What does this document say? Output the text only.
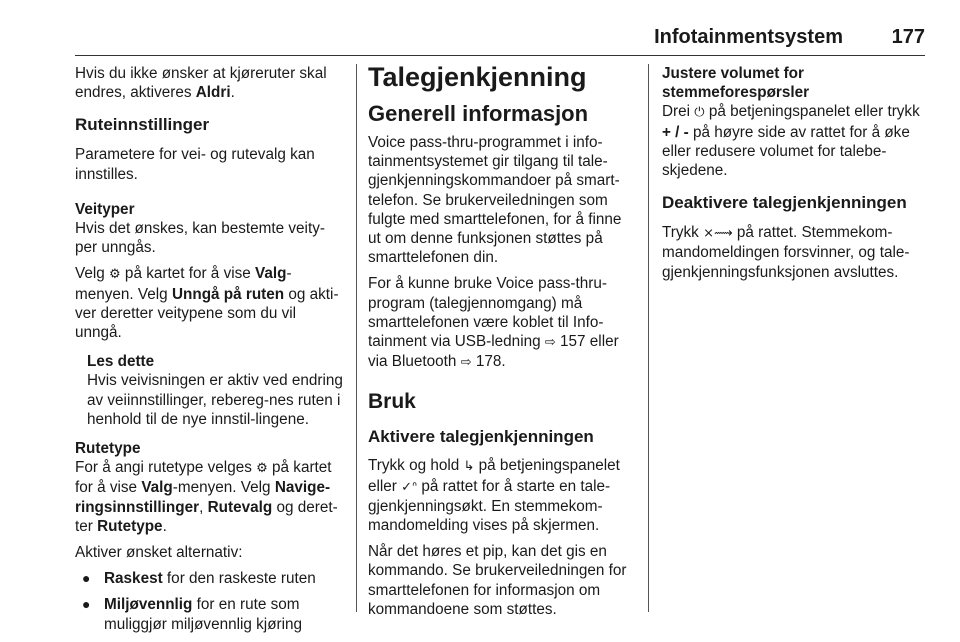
Infotainmentsystem 177

Hvis du ikke ønsker at kjøreruter skal endres, aktiveres Aldri.

Ruteinnstillinger

Parametere for vei- og rutevalg kan innstilles.

Veityper

Hvis det ønskes, kan bestemte veity-per unngås.

Velg ⚙ på kartet for å vise Valg-menyen. Velg Unngå på ruten og akti-ver deretter veitypene som du vil unngå.

Les dette

Hvis veivisningen er aktiv ved endring av veiinnstillinger, rebereg-nes ruten i henhold til de nye innstil-lingene.

Rutetype

For å angi rutetype velges ⚙ på kartet for å vise Valg-menyen. Velg Navige-ringsinnstillinger, Rutevalg og deret-ter Rutetype.

Aktiver ønsket alternativ:

● Raskest for den raskeste ruten
● Miljøvennlig for en rute som muliggjør miljøvennlig kjøring

Talegjenkjenning

Generell informasjon

Voice pass-thru-programmet i info-tainmentsystemet gir tilgang til tale-gjenkjenningskommandoer på smart-telefon. Se brukerveiledningen som fulgte med smarttelefonen, for å finne ut om denne funksjonen støttes på smarttelefonen din.

For å kunne bruke Voice pass-thru-program (talegjennomgang) må smarttelefonen være koblet til Info-tainment via USB-ledning ⇨ 157 eller via Bluetooth ⇨ 178.

Bruk

Aktivere talegjenkjenningen

Trykk og hold ↳ på betjeningspanelet eller ✓ᐢ på rattet for å starte en tale-gjenkjenningsøkt. En stemmekom-mandomelding vises på skjermen.

Når det høres et pip, kan det gis en kommando. Se brukerveiledningen for smarttelefonen for informasjon om kommandoene som støttes.

Justere volumet for stemmeforespørsler

Drei ⏻ på betjeningspanelet eller trykk + / - på høyre side av rattet for å øke eller redusere volumet for talebe-skjedene.

Deaktivere talegjenkjenningen

Trykk ⨯⟿ på rattet. Stemmekom-mandomeldingen forsvinner, og tale-gjenkjenningsfunksjonen avsluttes.
